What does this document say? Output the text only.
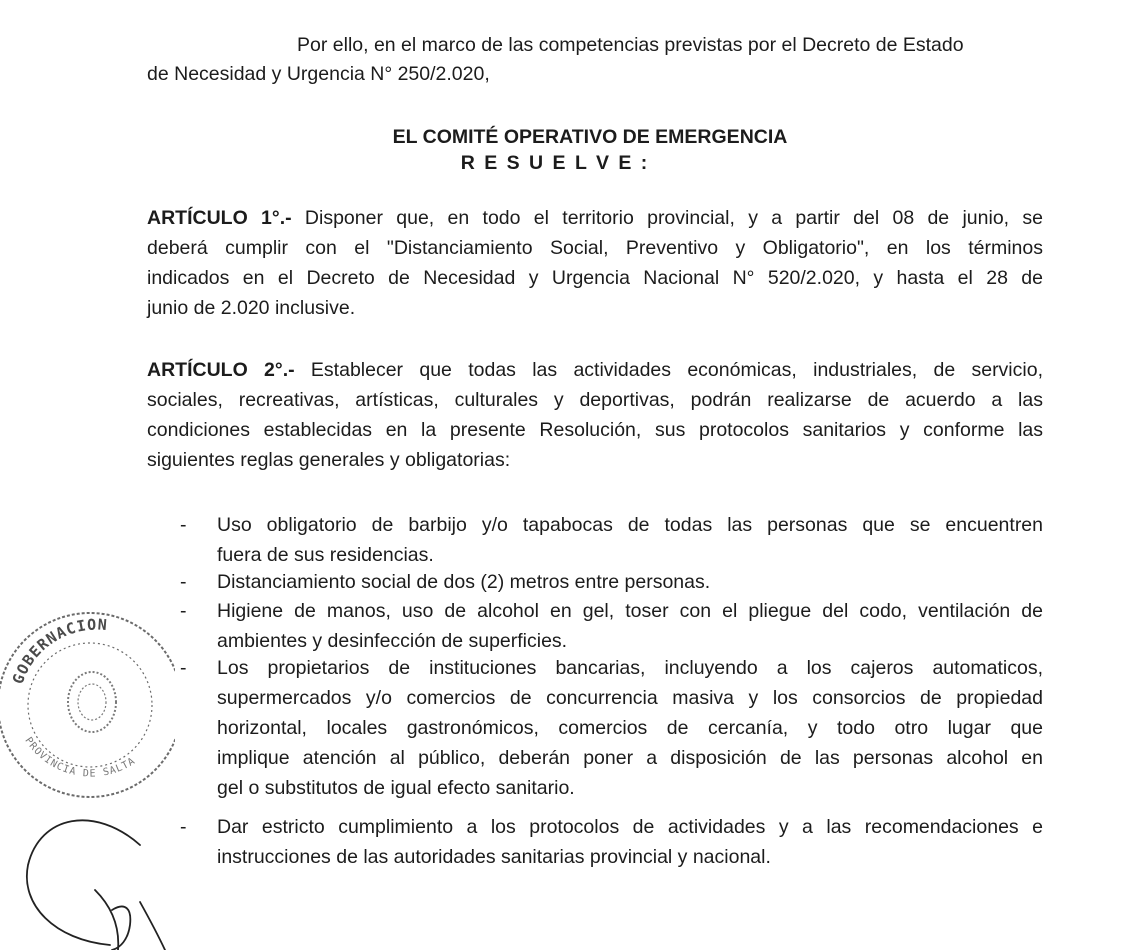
Por ello, en el marco de las competencias previstas por el Decreto de Estado
de Necesidad y Urgencia N° 250/2.020,
EL COMITÉ OPERATIVO DE EMERGENCIA
R E S U E L V E :
ARTÍCULO 1°.- Disponer que, en todo el territorio provincial, y a partir del 08 de junio, se
deberá cumplir con el "Distanciamiento Social, Preventivo y Obligatorio", en los términos
indicados en el Decreto de Necesidad y Urgencia Nacional N° 520/2.020, y hasta el 28 de
junio de 2.020 inclusive.
ARTÍCULO 2°.- Establecer que todas las actividades económicas, industriales, de servicio,
sociales, recreativas, artísticas, culturales y deportivas, podrán realizarse de acuerdo a las
condiciones establecidas en la presente Resolución, sus protocolos sanitarios y conforme las
siguientes reglas generales y obligatorias:
- Uso obligatorio de barbijo y/o tapabocas de todas las personas que se encuentren
fuera de sus residencias.
- Distanciamiento social de dos (2) metros entre personas.
- Higiene de manos, uso de alcohol en gel, toser con el pliegue del codo, ventilación de
ambientes y desinfección de superficies.
- Los propietarios de instituciones bancarias, incluyendo a los cajeros automaticos,
supermercados y/o comercios de concurrencia masiva y los consorcios de propiedad
horizontal, locales gastronómicos, comercios de cercanía, y todo otro lugar que
implique atención al público, deberán poner a disposición de las personas alcohol en
gel o substitutos de igual efecto sanitario.
- Dar estricto cumplimiento a los protocolos de actividades y a las recomendaciones e
instrucciones de las autoridades sanitarias provincial y nacional.
GOBERNACION
PROVINCIA DE SALTA
